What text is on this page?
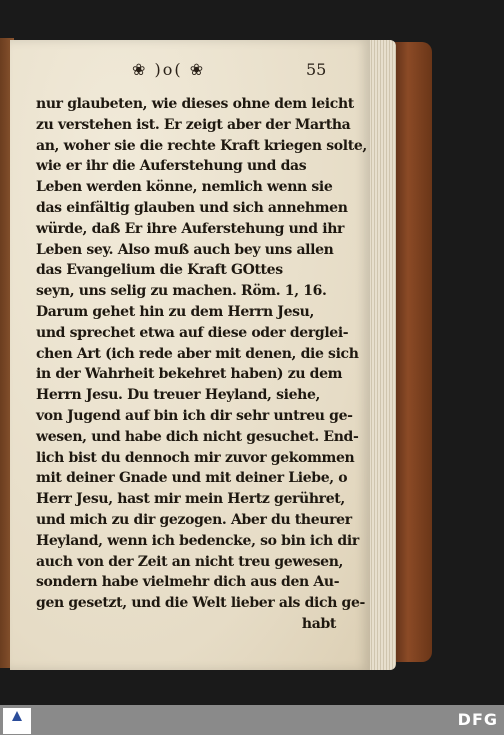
❀ )o( ❀	55
nur glaubeten, wie dieses ohne dem leicht
zu verstehen ist. Er zeigt aber der Martha
an, woher sie die rechte Kraft kriegen solte,
wie er ihr die Auferstehung und das
Leben werden könne, nemlich wenn sie
das einfältig glauben und sich annehmen
würde, daß Er ihre Auferstehung und ihr
Leben sey. Also muß auch bey uns allen
das Evangelium die Kraft GOttes
seyn, uns selig zu machen. Röm. 1, 16.
Darum gehet hin zu dem Herrn Jesu,
und sprechet etwa auf diese oder derglei-
chen Art (ich rede aber mit denen, die sich
in der Wahrheit bekehret haben) zu dem
Herrn Jesu. Du treuer Heyland, siehe,
von Jugend auf bin ich dir sehr untreu ge-
wesen, und habe dich nicht gesuchet. End-
lich bist du dennoch mir zuvor gekommen
mit deiner Gnade und mit deiner Liebe, o
Herr Jesu, hast mir mein Hertz gerühret,
und mich zu dir gezogen. Aber du theurer
Heyland, wenn ich bedencke, so bin ich dir
auch von der Zeit an nicht treu gewesen,
sondern habe vielmehr dich aus den Au-
gen gesetzt, und die Welt lieber als dich ge-
habt
DFG
